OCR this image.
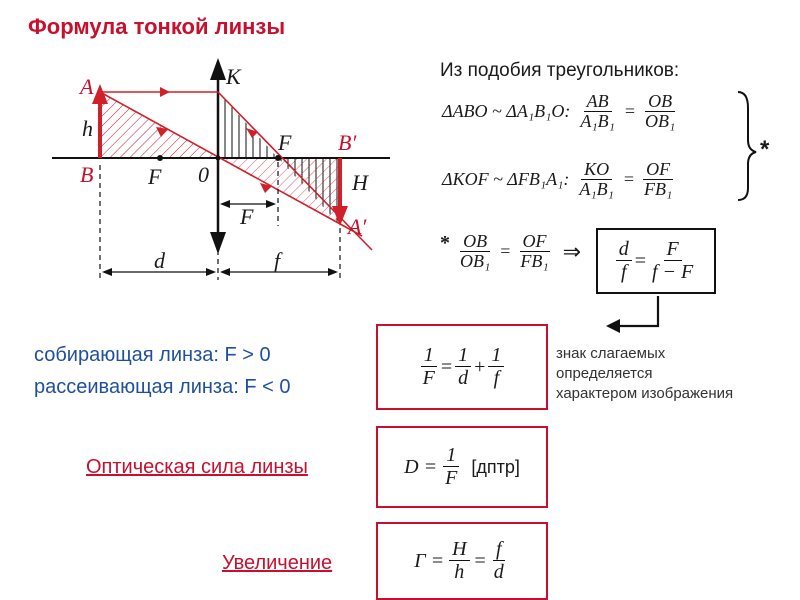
Формула тонкой линзы
A
h
B F 0
K
F B′
H
A′
F
d	f
Из подобия треугольников:
ΔABO ~ ΔA₁B₁O: $\frac{AB}{\text{A₁B₁}} = \frac{OB}{\text{OB₁}}$
ΔKOF ~ ΔFB₁A₁: $\frac{KO}{\text{A₁B₁}} = \frac{OF}{\text{FB₁}}$
*
* $\frac{OB}{\text{OB₁}} = \frac{OF}{\text{FB₁}}$ ⇒ $\frac{d}{f} = \frac{F}{f - F}$
собирающая линза: F > 0
рассеивающая линза: F < 0	$\frac{1}{F} = \frac{1}{d} + \frac{1}{f}$	знак слагаемых
определяется
характером изображения
Оптическая сила линзы	$D = \frac{1}{F}$ [дптр]
Увеличение	$\Gamma = \frac{H}{h} = \frac{f}{d}$
